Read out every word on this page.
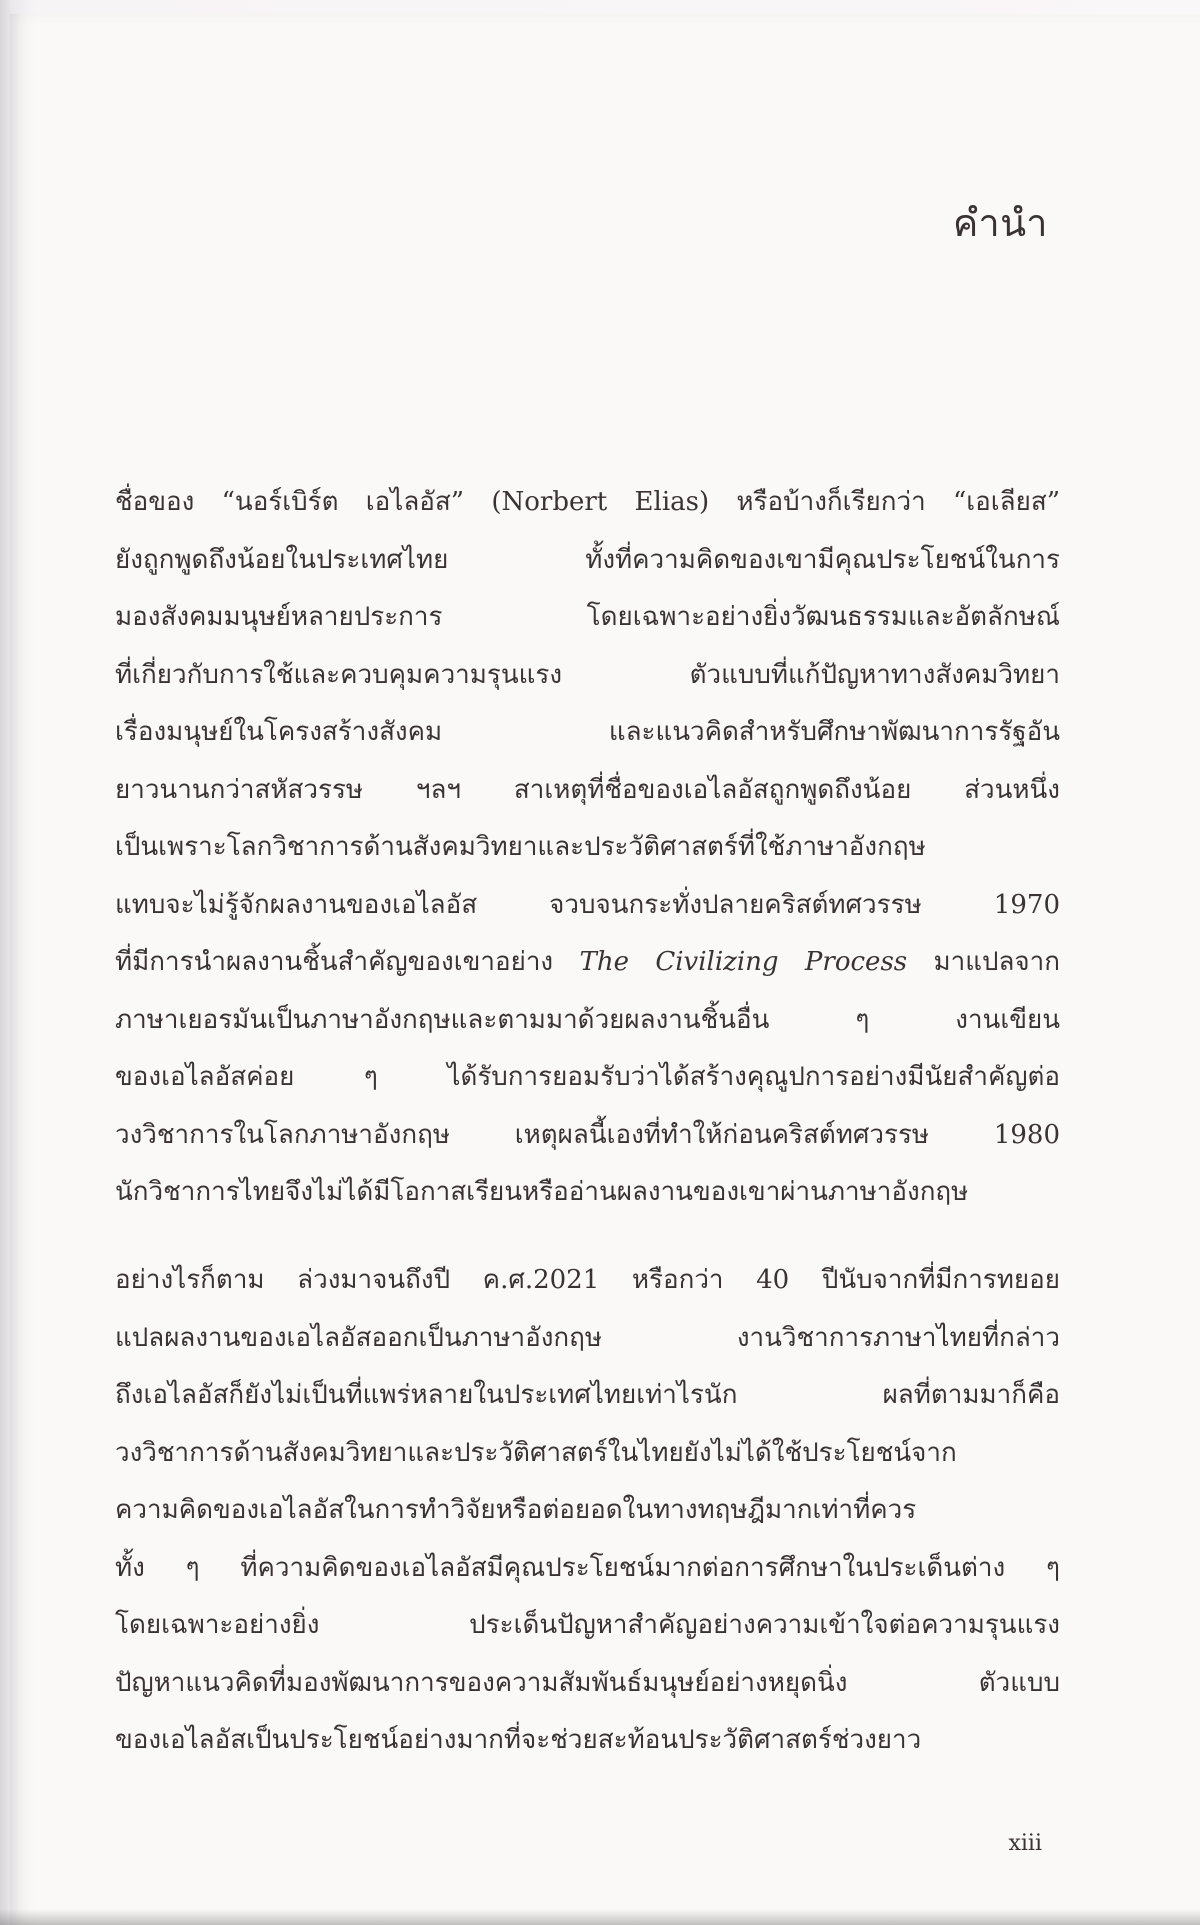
คำนำ

ชื่อของ “นอร์เบิร์ต เอไลอัส” (Norbert Elias) หรือบ้างก็เรียกว่า “เอเลียส”
ยังถูกพูดถึงน้อยในประเทศไทย ทั้งที่ความคิดของเขามีคุณประโยชน์ในการ
มองสังคมมนุษย์หลายประการ โดยเฉพาะอย่างยิ่งวัฒนธรรมและอัตลักษณ์
ที่เกี่ยวกับการใช้และควบคุมความรุนแรง ตัวแบบที่แก้ปัญหาทางสังคมวิทยา
เรื่องมนุษย์ในโครงสร้างสังคม และแนวคิดสำหรับศึกษาพัฒนาการรัฐอัน
ยาวนานกว่าสหัสวรรษ ฯลฯ สาเหตุที่ชื่อของเอไลอัสถูกพูดถึงน้อย ส่วนหนึ่ง
เป็นเพราะโลกวิชาการด้านสังคมวิทยาและประวัติศาสตร์ที่ใช้ภาษาอังกฤษ
แทบจะไม่รู้จักผลงานของเอไลอัส จวบจนกระทั่งปลายคริสต์ทศวรรษ 1970
ที่มีการนำผลงานชิ้นสำคัญของเขาอย่าง The Civilizing Process มาแปลจาก
ภาษาเยอรมันเป็นภาษาอังกฤษและตามมาด้วยผลงานชิ้นอื่น ๆ งานเขียน
ของเอไลอัสค่อย ๆ ได้รับการยอมรับว่าได้สร้างคุณูปการอย่างมีนัยสำคัญต่อ
วงวิชาการในโลกภาษาอังกฤษ เหตุผลนี้เองที่ทำให้ก่อนคริสต์ทศวรรษ 1980
นักวิชาการไทยจึงไม่ได้มีโอกาสเรียนหรืออ่านผลงานของเขาผ่านภาษาอังกฤษ

อย่างไรก็ตาม ล่วงมาจนถึงปี ค.ศ.2021 หรือกว่า 40 ปีนับจากที่มีการทยอย
แปลผลงานของเอไลอัสออกเป็นภาษาอังกฤษ งานวิชาการภาษาไทยที่กล่าว
ถึงเอไลอัสก็ยังไม่เป็นที่แพร่หลายในประเทศไทยเท่าไรนัก ผลที่ตามมาก็คือ
วงวิชาการด้านสังคมวิทยาและประวัติศาสตร์ในไทยยังไม่ได้ใช้ประโยชน์จาก
ความคิดของเอไลอัสในการทำวิจัยหรือต่อยอดในทางทฤษฎีมากเท่าที่ควร
ทั้ง ๆ ที่ความคิดของเอไลอัสมีคุณประโยชน์มากต่อการศึกษาในประเด็นต่าง ๆ
โดยเฉพาะอย่างยิ่ง ประเด็นปัญหาสำคัญอย่างความเข้าใจต่อความรุนแรง
ปัญหาแนวคิดที่มองพัฒนาการของความสัมพันธ์มนุษย์อย่างหยุดนิ่ง ตัวแบบ
ของเอไลอัสเป็นประโยชน์อย่างมากที่จะช่วยสะท้อนประวัติศาสตร์ช่วงยาว

xiii
